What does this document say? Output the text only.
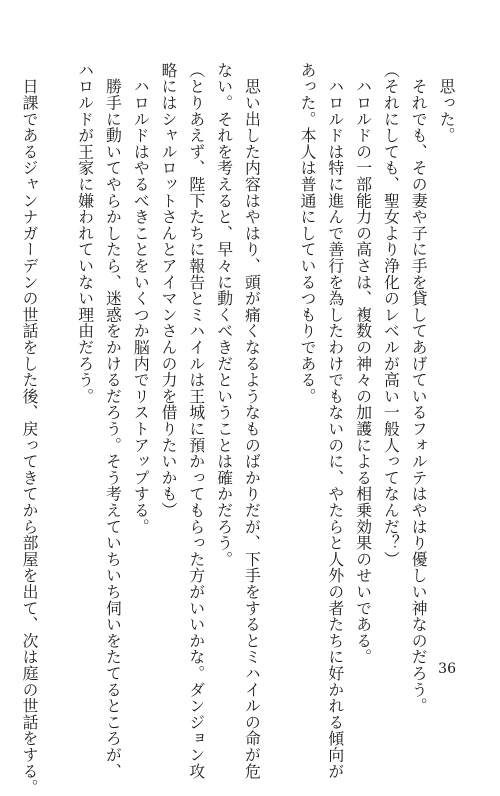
　思った。
　それでも、その妻や子に手を貸してあげているフォルテはやはり優しい神なのだろう。
（それにしても、聖女より浄化のレベルが高い一般人ってなんだ？）
　ハロルドの一部能力の高さは、複数の神々の加護による相乗効果のせいである。
　ハロルドは特に進んで善行を為したわけでもないのに、やたらと人外の者たちに好かれる傾向が
あった。本人は普通にしているつもりである。
　思い出した内容はやはり、頭が痛くなるようなものばかりだが、下手をするとミハイルの命が危
ない。それを考えると、早々に動くべきだということは確かだろう。
（とりあえず、陛下たちに報告とミハイルは王城に預かってもらった方がいいかな。ダンジョン攻
略にはシャルロットさんとアイマンさんの力を借りたいかも）
　ハロルドはやるべきことをいくつか脳内でリストアップする。
　勝手に動いてやらかしたら、迷惑をかけるだろう。そう考えていちいち伺いをたてるところが、
ハロルドが王家に嫌われていない理由だろう。
　日課であるジャンナガーデンの世話をした後、戻ってきてから部屋を出て、次は庭の世話をする。	36
